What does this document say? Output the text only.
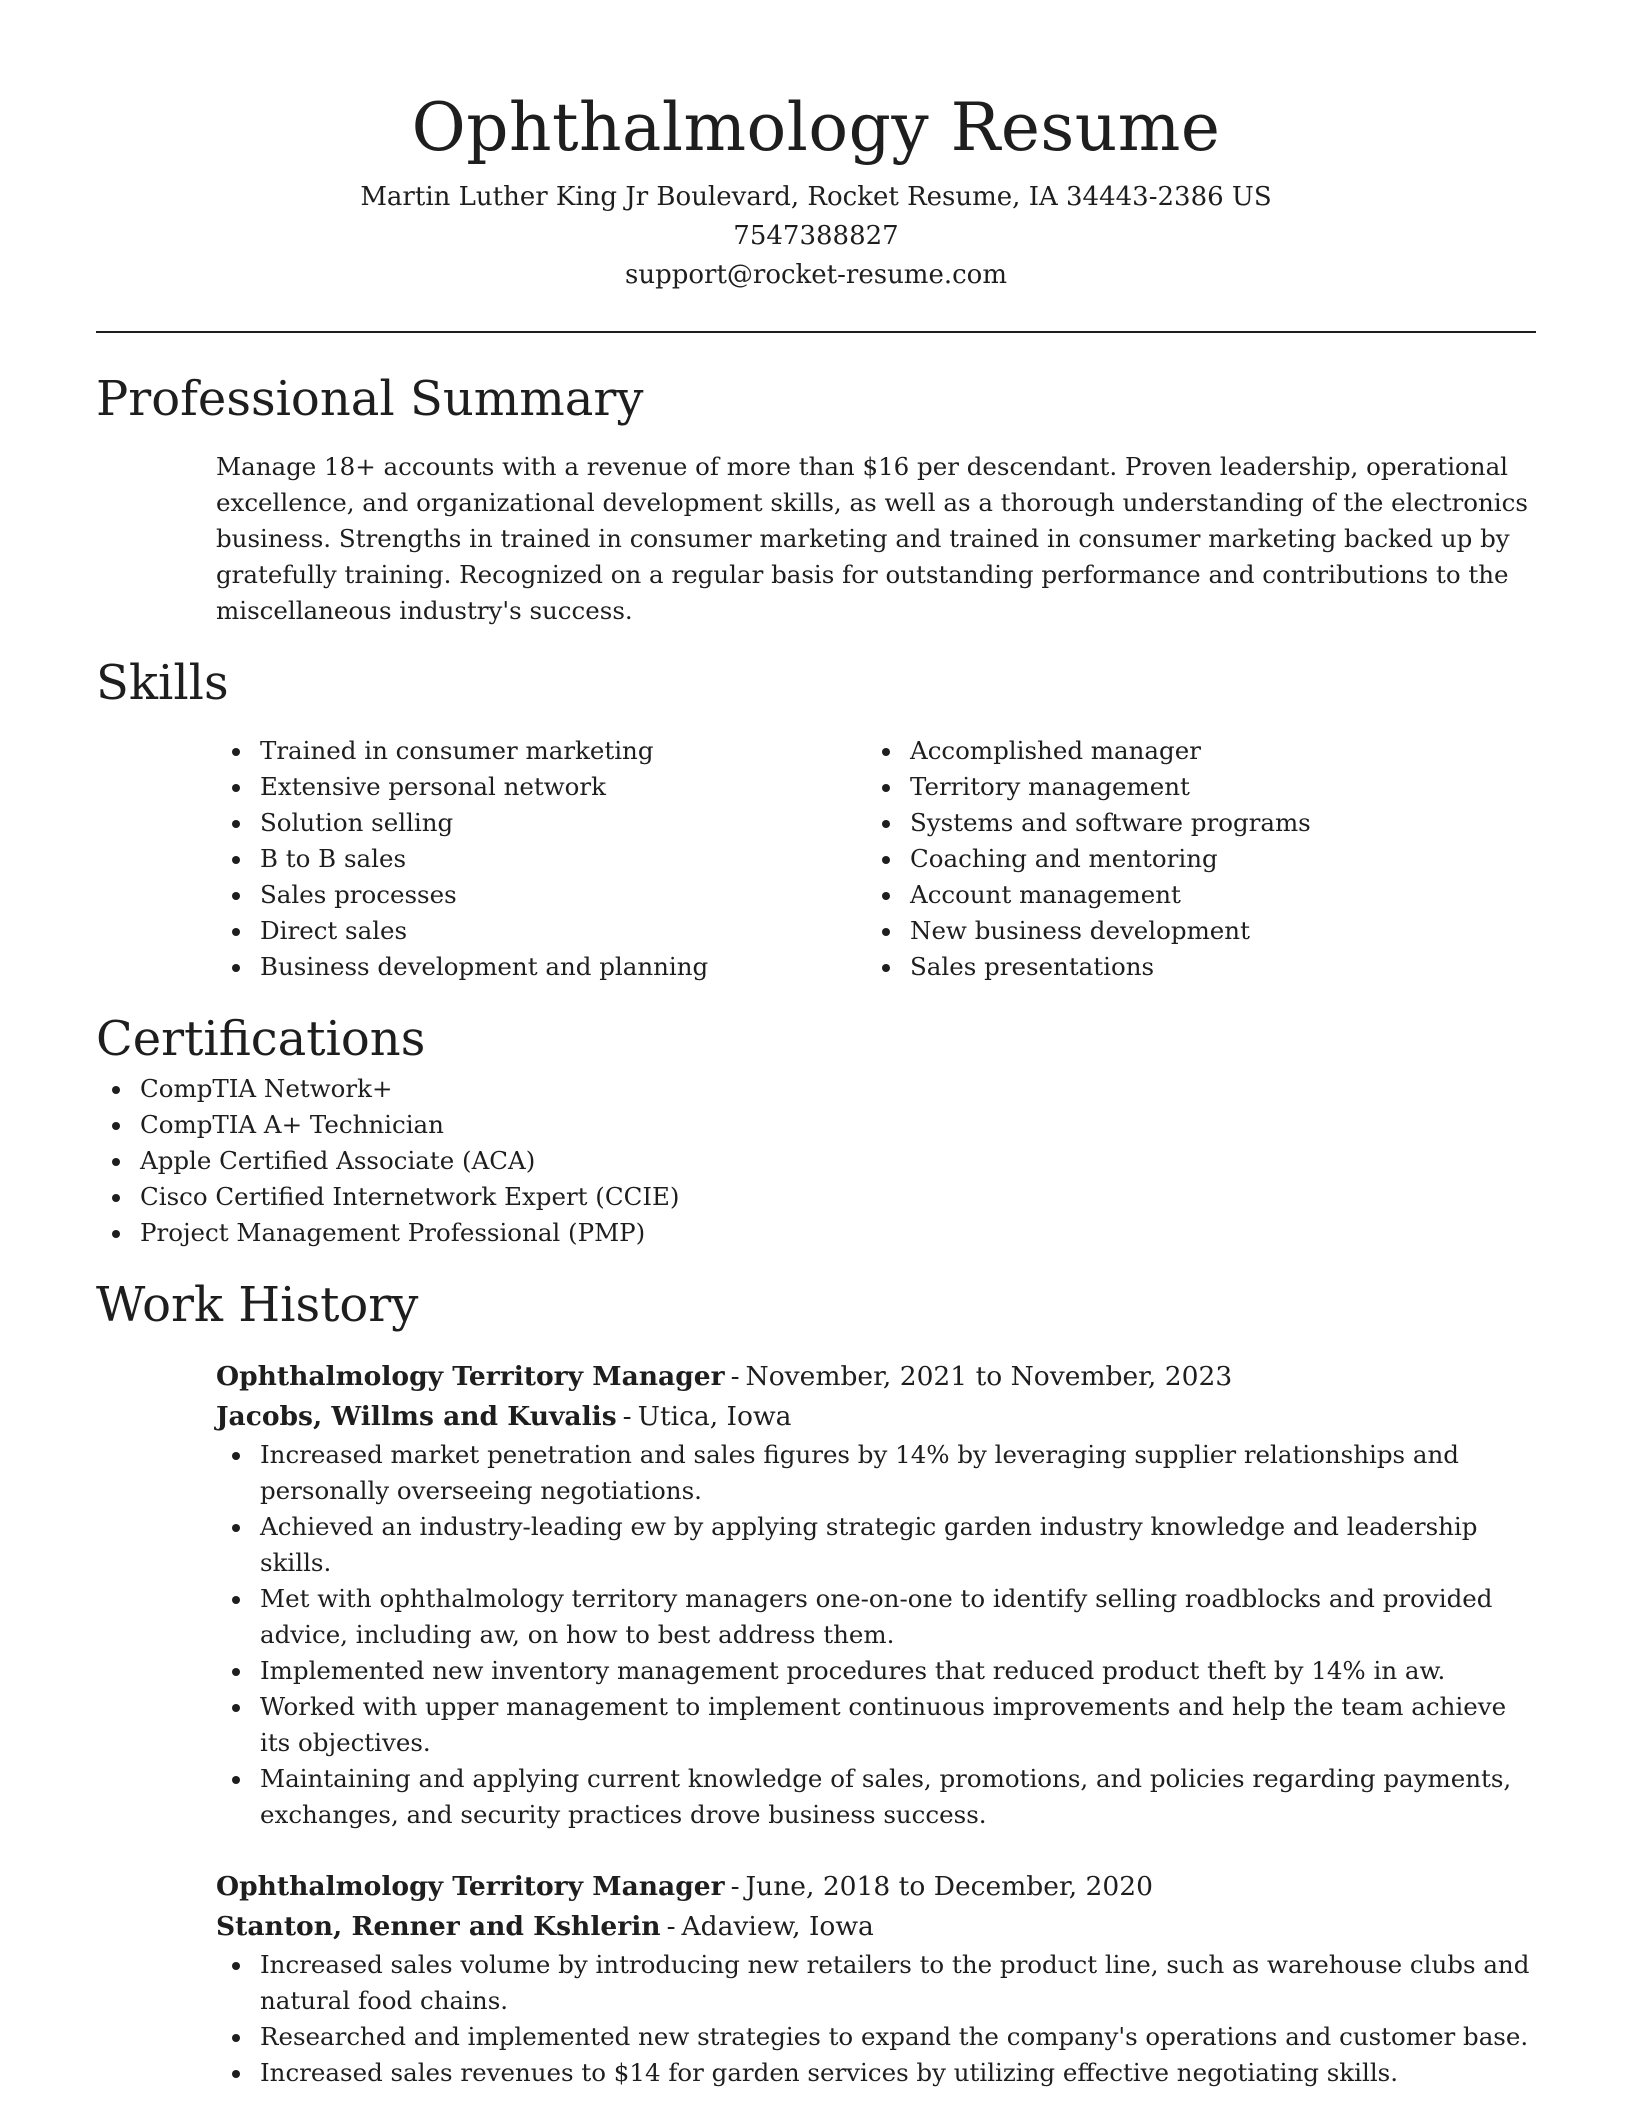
Ophthalmology Resume

Martin Luther King Jr Boulevard, Rocket Resume, IA 34443-2386 US

7547388827

support@rocket-resume.com

Professional Summary

Manage 18+ accounts with a revenue of more than $16 per descendant. Proven leadership, operational excellence, and organizational development skills, as well as a thorough understanding of the electronics business. Strengths in trained in consumer marketing and trained in consumer marketing backed up by gratefully training. Recognized on a regular basis for outstanding performance and contributions to the miscellaneous industry's success.

Skills
Trained in consumer marketing
Extensive personal network
Solution selling
B to B sales
Sales processes
Direct sales
Business development and planning
Accomplished manager
Territory management
Systems and software programs
Coaching and mentoring
Account management
New business development
Sales presentations
Certifications
CompTIA Network+
CompTIA A+ Technician
Apple Certified Associate (ACA)
Cisco Certified Internetwork Expert (CCIE)
Project Management Professional (PMP)
Work History

Ophthalmology Territory Manager - November, 2021 to November, 2023

Jacobs, Willms and Kuvalis - Utica, Iowa

Increased market penetration and sales figures by 14% by leveraging supplier relationships and personally overseeing negotiations.
Achieved an industry-leading ew by applying strategic garden industry knowledge and leadership skills.
Met with ophthalmology territory managers one-on-one to identify selling roadblocks and provided advice, including aw, on how to best address them.
Implemented new inventory management procedures that reduced product theft by 14% in aw.
Worked with upper management to implement continuous improvements and help the team achieve its objectives.
Maintaining and applying current knowledge of sales, promotions, and policies regarding payments, exchanges, and security practices drove business success.

Ophthalmology Territory Manager - June, 2018 to December, 2020

Stanton, Renner and Kshlerin - Adaview, Iowa

Increased sales volume by introducing new retailers to the product line, such as warehouse clubs and natural food chains.
Researched and implemented new strategies to expand the company's operations and customer base.
Increased sales revenues to $14 for garden services by utilizing effective negotiating skills.
